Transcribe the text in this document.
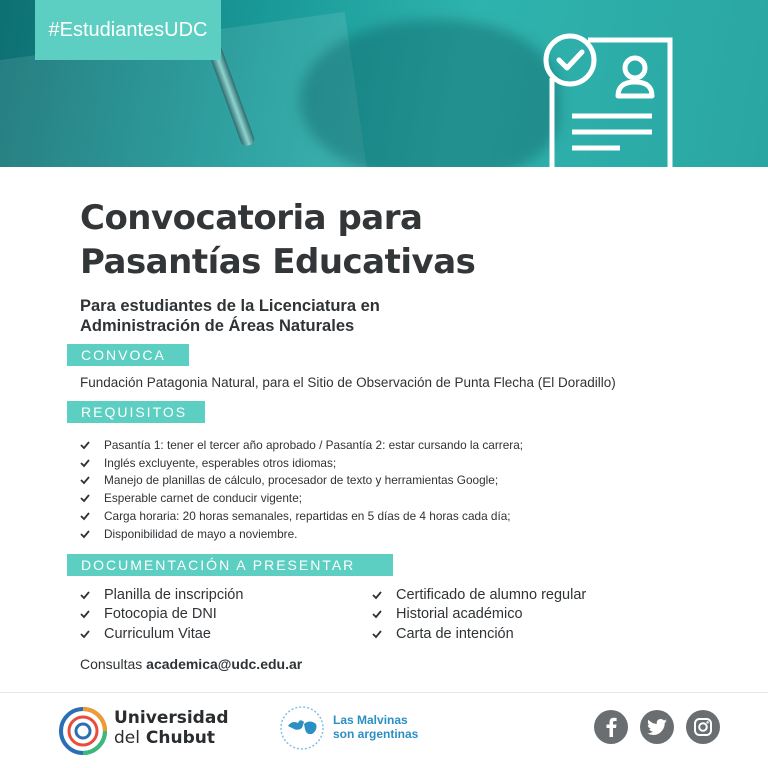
#EstudiantesUDC
Convocatoria para
Pasantías Educativas
Para estudiantes de la Licenciatura en
Administración de Áreas Naturales
CONVOCA
Fundación Patagonia Natural, para el Sitio de Observación de Punta Flecha (El Doradillo)
REQUISITOS
Pasantía 1: tener el tercer año aprobado / Pasantía 2: estar cursando la carrera;
Inglés excluyente, esperables otros idiomas;
Manejo de planillas de cálculo, procesador de texto y herramientas Google;
Esperable carnet de conducir vigente;
Carga horaria: 20 horas semanales, repartidas en 5 días de 4 horas cada día;
Disponibilidad de mayo a noviembre.
DOCUMENTACIÓN A PRESENTAR
Planilla de inscripción
Fotocopia de DNI
Curriculum Vitae
Certificado de alumno regular
Historial académico
Carta de intención
Consultas academica@udc.edu.ar
Universidad
del Chubut
Las Malvinas
son argentinas
